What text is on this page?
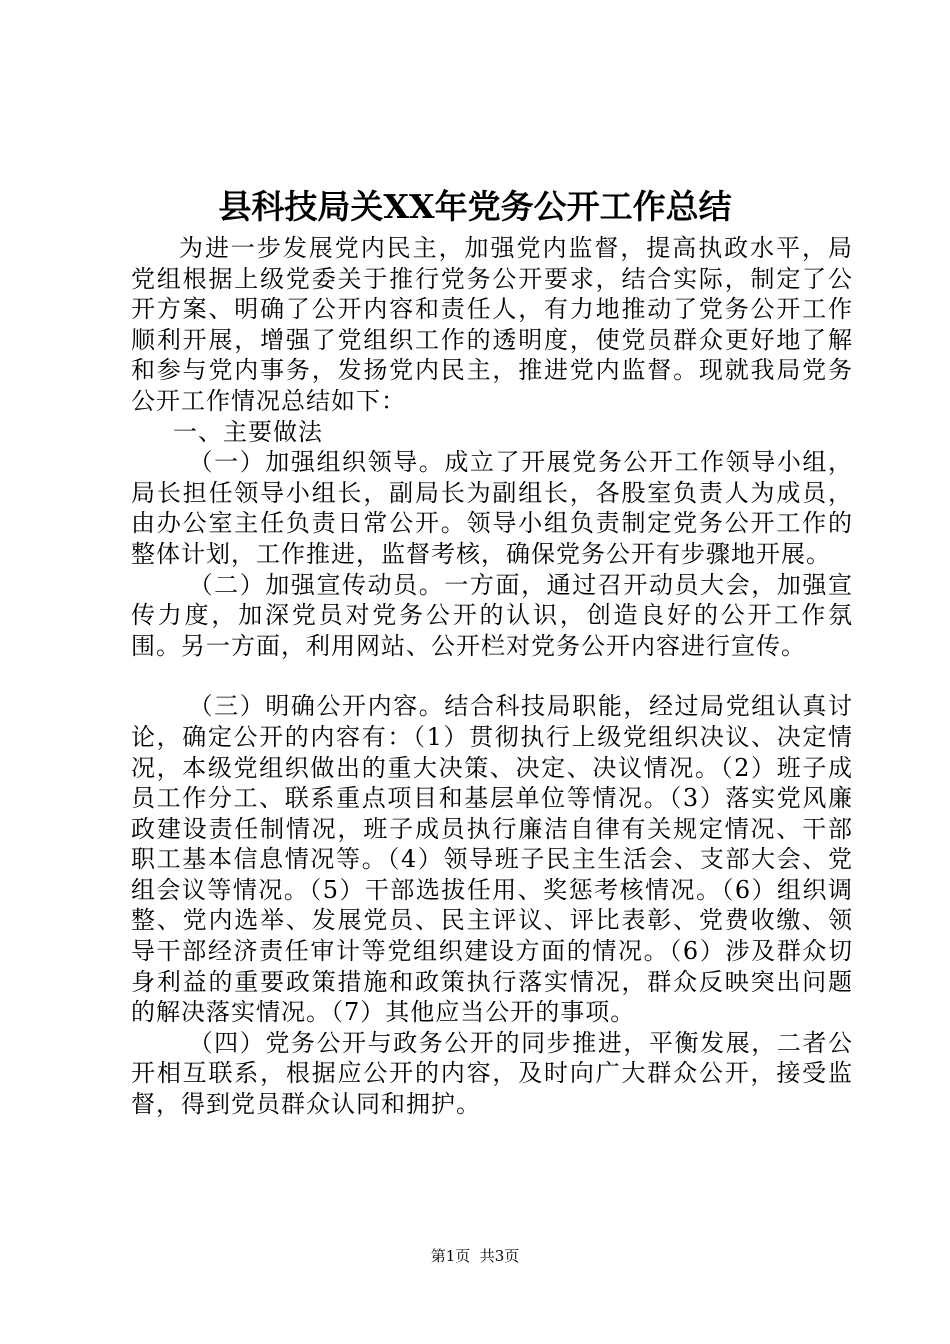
县科技局关XX年党务公开工作总结

为进一步发展党内民主，加强党内监督，提高执政水平，局党组根据上级党委关于推行党务公开要求，结合实际，制定了公开方案、明确了公开内容和责任人，有力地推动了党务公开工作顺利开展，增强了党组织工作的透明度，使党员群众更好地了解和参与党内事务，发扬党内民主，推进党内监督。现就我局党务公开工作情况总结如下：

一、主要做法

（一）加强组织领导。成立了开展党务公开工作领导小组，局长担任领导小组长，副局长为副组长，各股室负责人为成员，由办公室主任负责日常公开。领导小组负责制定党务公开工作的整体计划，工作推进，监督考核，确保党务公开有步骤地开展。

（二）加强宣传动员。一方面，通过召开动员大会，加强宣传力度，加深党员对党务公开的认识，创造良好的公开工作氛围。另一方面，利用网站、公开栏对党务公开内容进行宣传。

（三）明确公开内容。结合科技局职能，经过局党组认真讨论，确定公开的内容有：（1）贯彻执行上级党组织决议、决定情况，本级党组织做出的重大决策、决定、决议情况。（2）班子成员工作分工、联系重点项目和基层单位等情况。（3）落实党风廉政建设责任制情况，班子成员执行廉洁自律有关规定情况、干部职工基本信息情况等。（4）领导班子民主生活会、支部大会、党组会议等情况。（5）干部选拔任用、奖惩考核情况。（6）组织调整、党内选举、发展党员、民主评议、评比表彰、党费收缴、领导干部经济责任审计等党组织建设方面的情况。（6）涉及群众切身利益的重要政策措施和政策执行落实情况，群众反映突出问题的解决落实情况。（7）其他应当公开的事项。

（四）党务公开与政务公开的同步推进，平衡发展，二者公开相互联系，根据应公开的内容，及时向广大群众公开，接受监督，得到党员群众认同和拥护。

第1页  共3页
